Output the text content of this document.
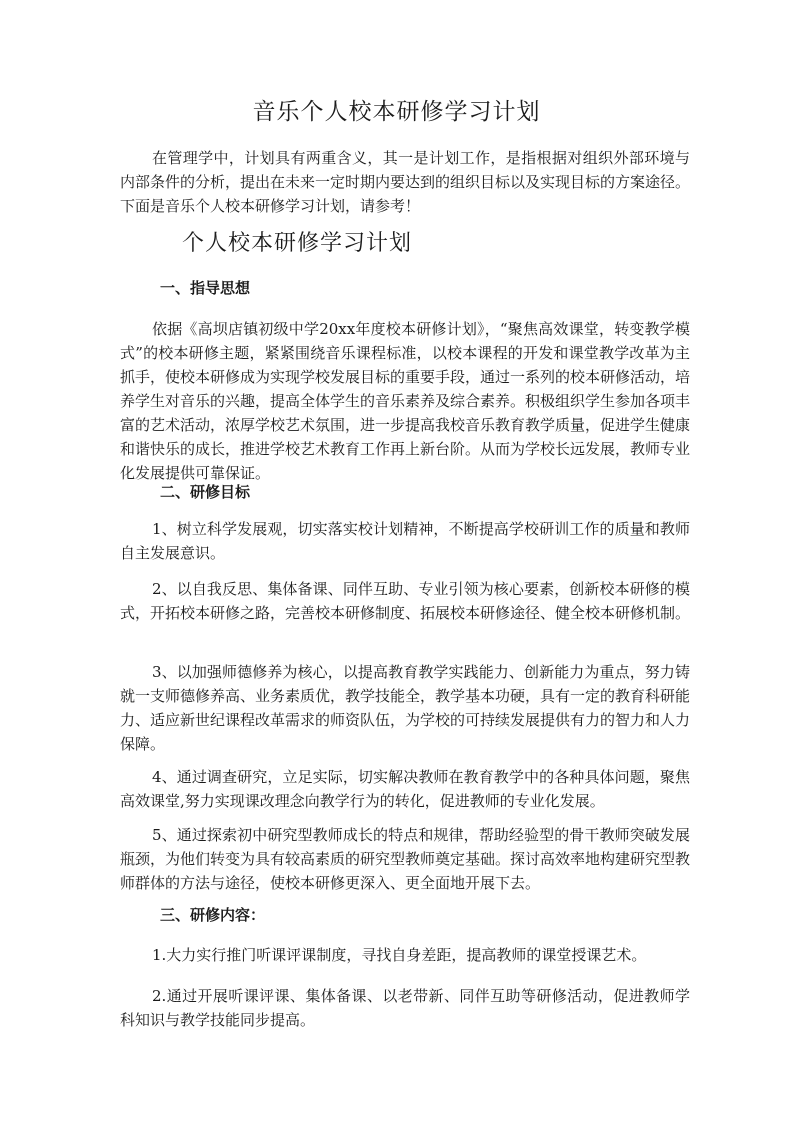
音乐个人校本研修学习计划

在管理学中，计划具有两重含义，其一是计划工作，是指根据对组织外部环境与内部条件的分析，提出在未来一定时期内要达到的组织目标以及实现目标的方案途径。下面是音乐个人校本研修学习计划，请参考！

个人校本研修学习计划
一、指导思想

依据《高坝店镇初级中学20xx年度校本研修计划》，“聚焦高效课堂，转变教学模式”的校本研修主题，紧紧围绕音乐课程标准，以校本课程的开发和课堂教学改革为主抓手，使校本研修成为实现学校发展目标的重要手段，通过一系列的校本研修活动，培养学生对音乐的兴趣，提高全体学生的音乐素养及综合素养。积极组织学生参加各项丰富的艺术活动，浓厚学校艺术氛围，进一步提高我校音乐教育教学质量，促进学生健康和谐快乐的成长，推进学校艺术教育工作再上新台阶。从而为学校长远发展，教师专业化发展提供可靠保证。

二、研修目标

1、树立科学发展观，切实落实校计划精神，不断提高学校研训工作的质量和教师自主发展意识。

2、以自我反思、集体备课、同伴互助、专业引领为核心要素，创新校本研修的模式，开拓校本研修之路，完善校本研修制度、拓展校本研修途径、健全校本研修机制。

3、以加强师德修养为核心，以提高教育教学实践能力、创新能力为重点，努力铸就一支师德修养高、业务素质优，教学技能全，教学基本功硬，具有一定的教育科研能力、适应新世纪课程改革需求的师资队伍，为学校的可持续发展提供有力的智力和人力保障。

4、通过调查研究，立足实际，切实解决教师在教育教学中的各种具体问题，聚焦高效课堂,努力实现课改理念向教学行为的转化，促进教师的专业化发展。

5、通过探索初中研究型教师成长的特点和规律，帮助经验型的骨干教师突破发展瓶颈，为他们转变为具有较高素质的研究型教师奠定基础。探讨高效率地构建研究型教师群体的方法与途径，使校本研修更深入、更全面地开展下去。

三、研修内容：

1.大力实行推门听课评课制度，寻找自身差距，提高教师的课堂授课艺术。

2.通过开展听课评课、集体备课、以老带新、同伴互助等研修活动，促进教师学科知识与教学技能同步提高。
